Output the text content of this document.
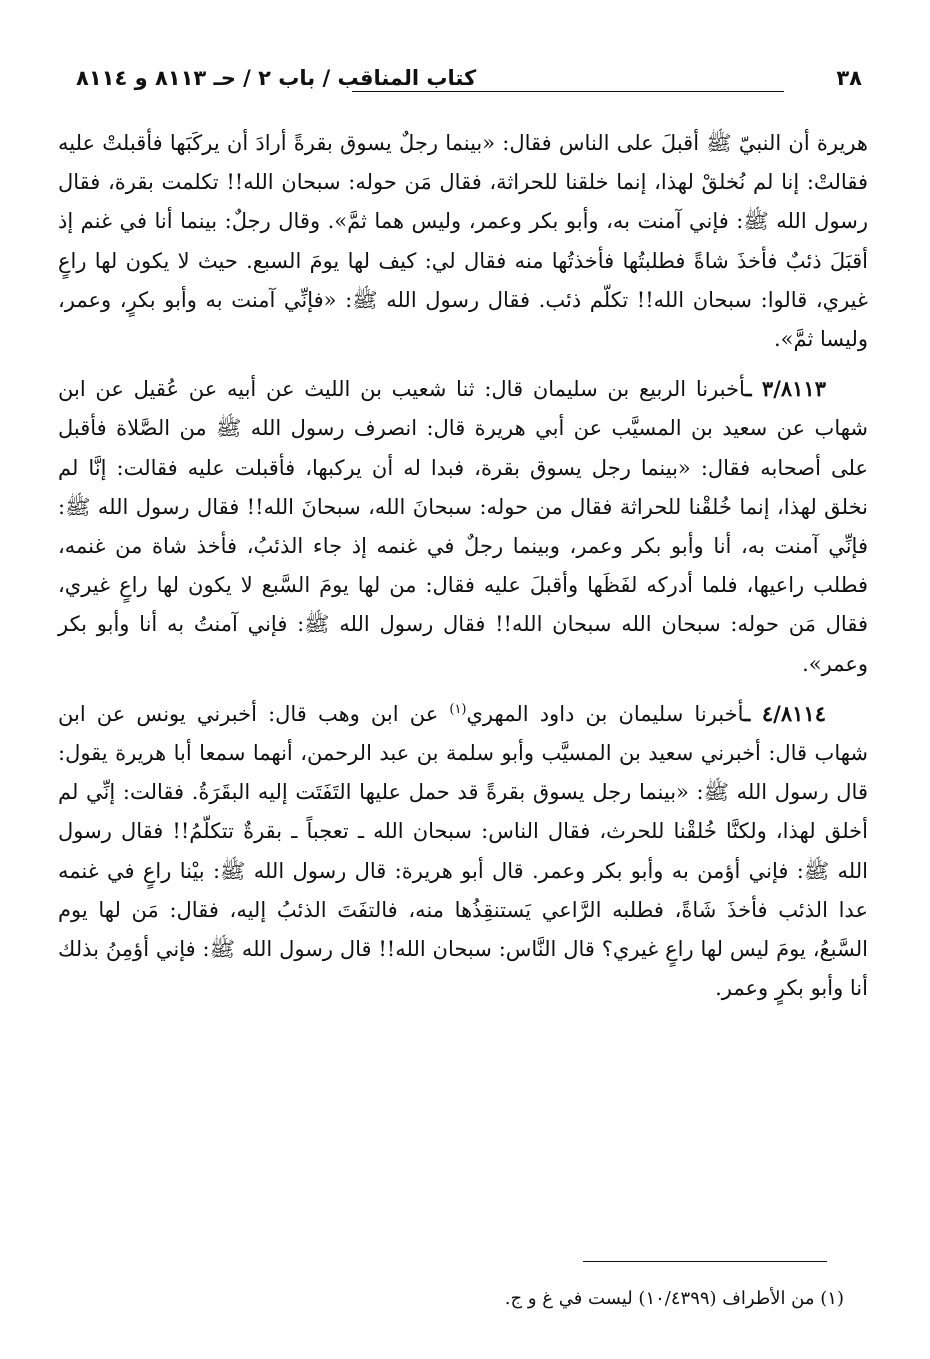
٣٨
كتاب المناقب / باب ٢ / حـ ٨١١٣ و ٨١١٤

هريرة أن النبيّ ﷺ أقبلَ على الناس فقال: «بينما رجلٌ يسوق بقرةً أرادَ أن يركَبَها فأقبلتْ عليه فقالتْ: إنا لم نُخلقْ لهذا، إنما خلقنا للحراثة، فقال مَن حوله: سبحان الله!! تكلمت بقرة، فقال رسول الله ﷺ: فإني آمنت به، وأبو بكر وعمر، وليس هما ثمَّ». وقال رجلٌ: بينما أنا في غنم إذ أقبَلَ ذئبٌ فأخذَ شاةً فطلبتُها فأخذتُها منه فقال لي: كيف لها يومَ السبع. حيث لا يكون لها راعٍ غيري، قالوا: سبحان الله!! تكلّم ذئب. فقال رسول الله ﷺ: «فإنِّي آمنت به وأبو بكرٍ، وعمر، وليسا ثمَّ».

٣/٨١١٣ ـأخبرنا الربيع بن سليمان قال: ثنا شعيب بن الليث عن أبيه عن عُقيل عن ابن شهاب عن سعيد بن المسيَّب عن أبي هريرة قال: انصرف رسول الله ﷺ من الصَّلاة فأقبل على أصحابه فقال: «بينما رجل يسوق بقرة، فبدا له أن يركبها، فأقبلت عليه فقالت: إنَّا لم نخلق لهذا، إنما خُلقْنا للحراثة فقال من حوله: سبحانَ الله، سبحانَ الله!! فقال رسول الله ﷺ: فإنِّي آمنت به، أنا وأبو بكر وعمر، وبينما رجلٌ في غنمه إذ جاء الذئبُ، فأخذ شاة من غنمه، فطلب راعيها، فلما أدركه لفَظَها وأقبلَ عليه فقال: من لها يومَ السَّبع لا يكون لها راعٍ غيري، فقال مَن حوله: سبحان الله سبحان الله!! فقال رسول الله ﷺ: فإني آمنتُ به أنا وأبو بكر وعمر».

٤/٨١١٤ ـأخبرنا سليمان بن داود المهري$^{(١)}$ عن ابن وهب قال: أخبرني يونس عن ابن شهاب قال: أخبرني سعيد بن المسيَّب وأبو سلمة بن عبد الرحمن، أنهما سمعا أبا هريرة يقول: قال رسول الله ﷺ: «بينما رجل يسوق بقرةً قد حمل عليها التَفَتَت إليه البقَرَةُ. فقالت: إنِّي لم أخلق لهذا، ولكنَّا خُلقْنا للحرث، فقال الناس: سبحان الله ـ تعجباً ـ بقرةٌ تتكلّمُ!! فقال رسول الله ﷺ: فإني أؤمن به وأبو بكر وعمر. قال أبو هريرة: قال رسول الله ﷺ: بيْنا راعٍ في غنمه عدا الذئب فأخذَ شَاةً، فطلبه الرَّاعي يَستنقِذُها منه، فالتفَتَ الذئبُ إليه، فقال: مَن لها يوم السَّبعُ، يومَ ليس لها راعٍ غيري؟ قال النَّاس: سبحان الله!! قال رسول الله ﷺ: فإني أؤمِنُ بذلك أنا وأبو بكرٍ وعمر.

(١) من الأطراف (١٠/٤٣٩٩) ليست في غ و ج.
